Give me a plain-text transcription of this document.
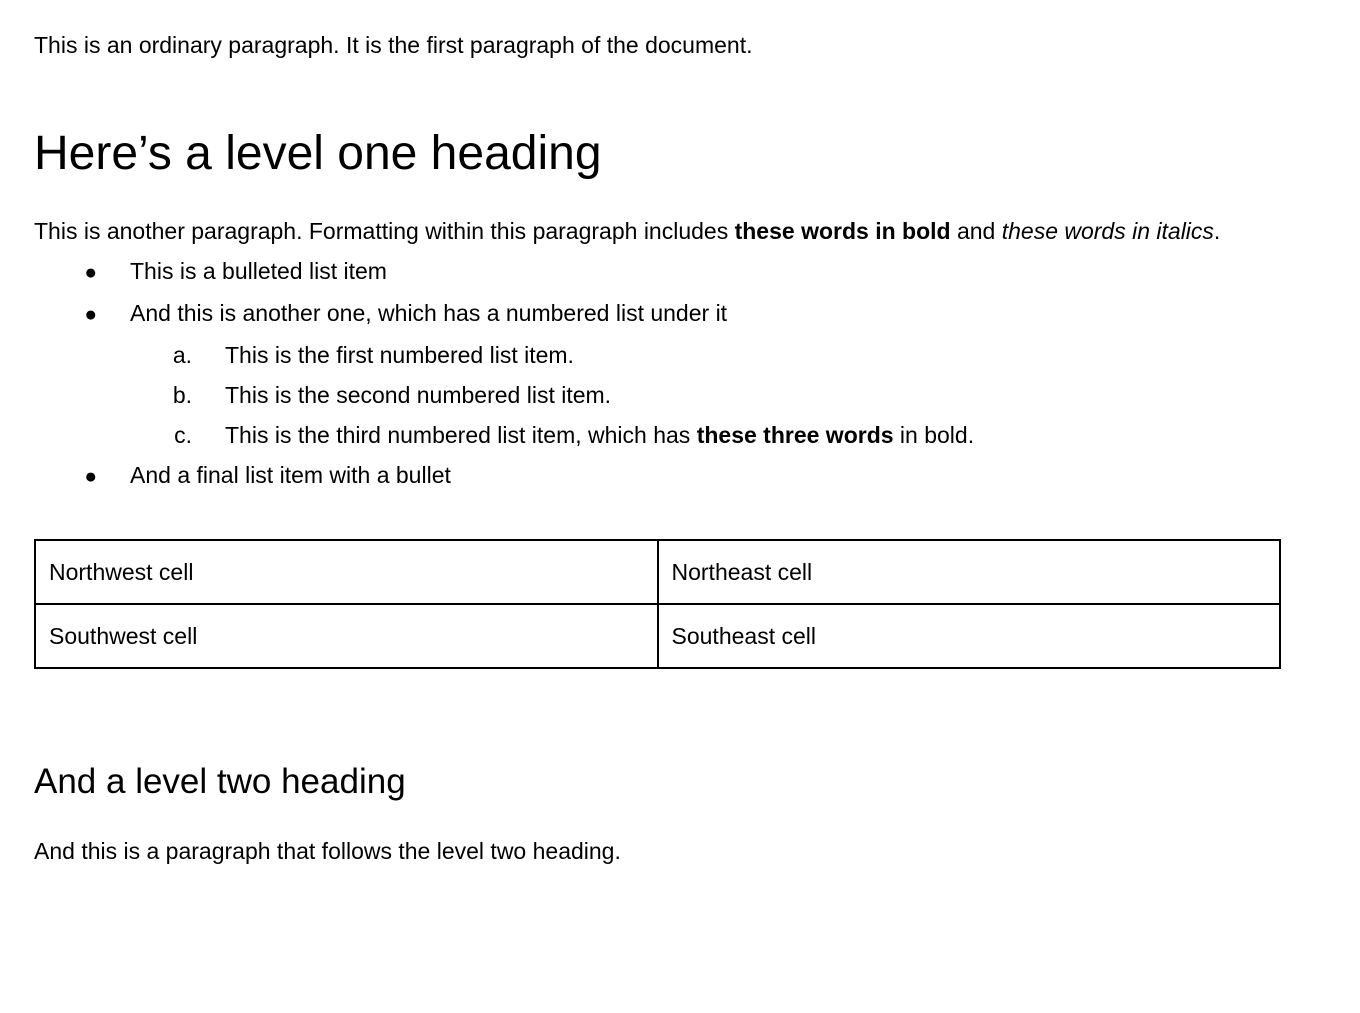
This is an ordinary paragraph. It is the first paragraph of the document.

Here’s a level one heading

This is another paragraph. Formatting within this paragraph includes these words in bold and these words in italics.

●	This is a bulleted list item
●	And this is another one, which has a numbered list under it
a.	This is the first numbered list item.
b.	This is the second numbered list item.
c.	This is the third numbered list item, which has these three words in bold.
●	And a final list item with a bullet
Northwest cell	Northeast cell
Southwest cell	Southeast cell
And a level two heading

And this is a paragraph that follows the level two heading.
